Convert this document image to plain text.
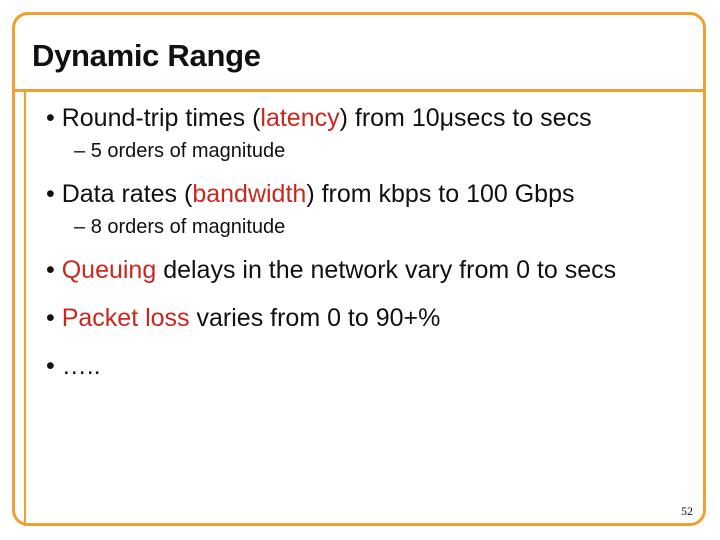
Dynamic Range
• Round-trip times (latency) from 10μsecs to secs
– 5 orders of magnitude
• Data rates (bandwidth) from kbps to 100 Gbps
– 8 orders of magnitude
• Queuing delays in the network vary from 0 to secs
• Packet loss varies from 0 to 90+%
• …..
52
